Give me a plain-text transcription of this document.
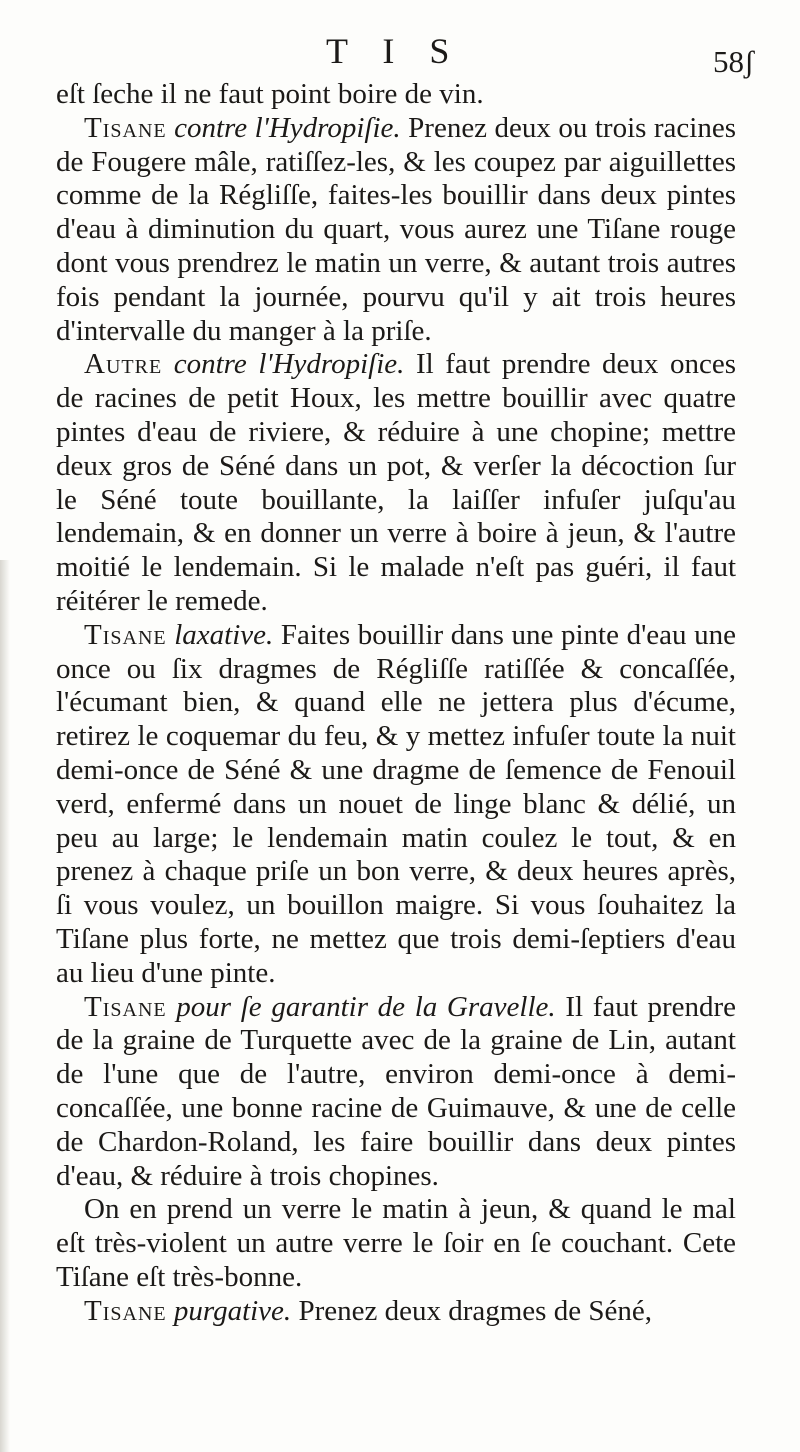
T I S	58ʃ

eſt ſeche il ne faut point boire de vin.

Tisane contre l'Hydropiſie. Prenez deux ou trois racines de Fougere mâle, ratiſſez-les, & les coupez par aiguillettes comme de la Régliſſe, faites-les bouillir dans deux pintes d'eau à diminution du quart, vous aurez une Tiſane rouge dont vous prendrez le matin un verre, & autant trois autres fois pendant la journée, pourvu qu'il y ait trois heures d'intervalle du manger à la priſe.

Autre contre l'Hydropiſie. Il faut prendre deux onces de racines de petit Houx, les mettre bouillir avec quatre pintes d'eau de riviere, & réduire à une chopine; mettre deux gros de Séné dans un pot, & verſer la décoction ſur le Séné toute bouillante, la laiſſer infuſer juſqu'au lendemain, & en donner un verre à boire à jeun, & l'autre moitié le lendemain. Si le malade n'eſt pas guéri, il faut réitérer le remede.

Tisane laxative. Faites bouillir dans une pinte d'eau une once ou ſix dragmes de Régliſſe ratiſſée & concaſſée, l'écumant bien, & quand elle ne jettera plus d'écume, retirez le coquemar du feu, & y mettez infuſer toute la nuit demi-once de Séné & une dragme de ſemence de Fenouil verd, enfermé dans un nouet de linge blanc & délié, un peu au large; le lendemain matin coulez le tout, & en prenez à chaque priſe un bon verre, & deux heures après, ſi vous voulez, un bouillon maigre. Si vous ſouhaitez la Tiſane plus forte, ne mettez que trois demi-ſeptiers d'eau au lieu d'une pinte.

Tisane pour ſe garantir de la Gravelle. Il faut prendre de la graine de Turquette avec de la graine de Lin, autant de l'une que de l'autre, environ demi-once à demi-concaſſée, une bonne racine de Guimauve, & une de celle de Chardon-Roland, les faire bouillir dans deux pintes d'eau, & réduire à trois chopines.

On en prend un verre le matin à jeun, & quand le mal eſt très-violent un autre verre le ſoir en ſe couchant. Cete Tiſane eſt très-bonne.

Tisane purgative. Prenez deux dragmes de Séné,
